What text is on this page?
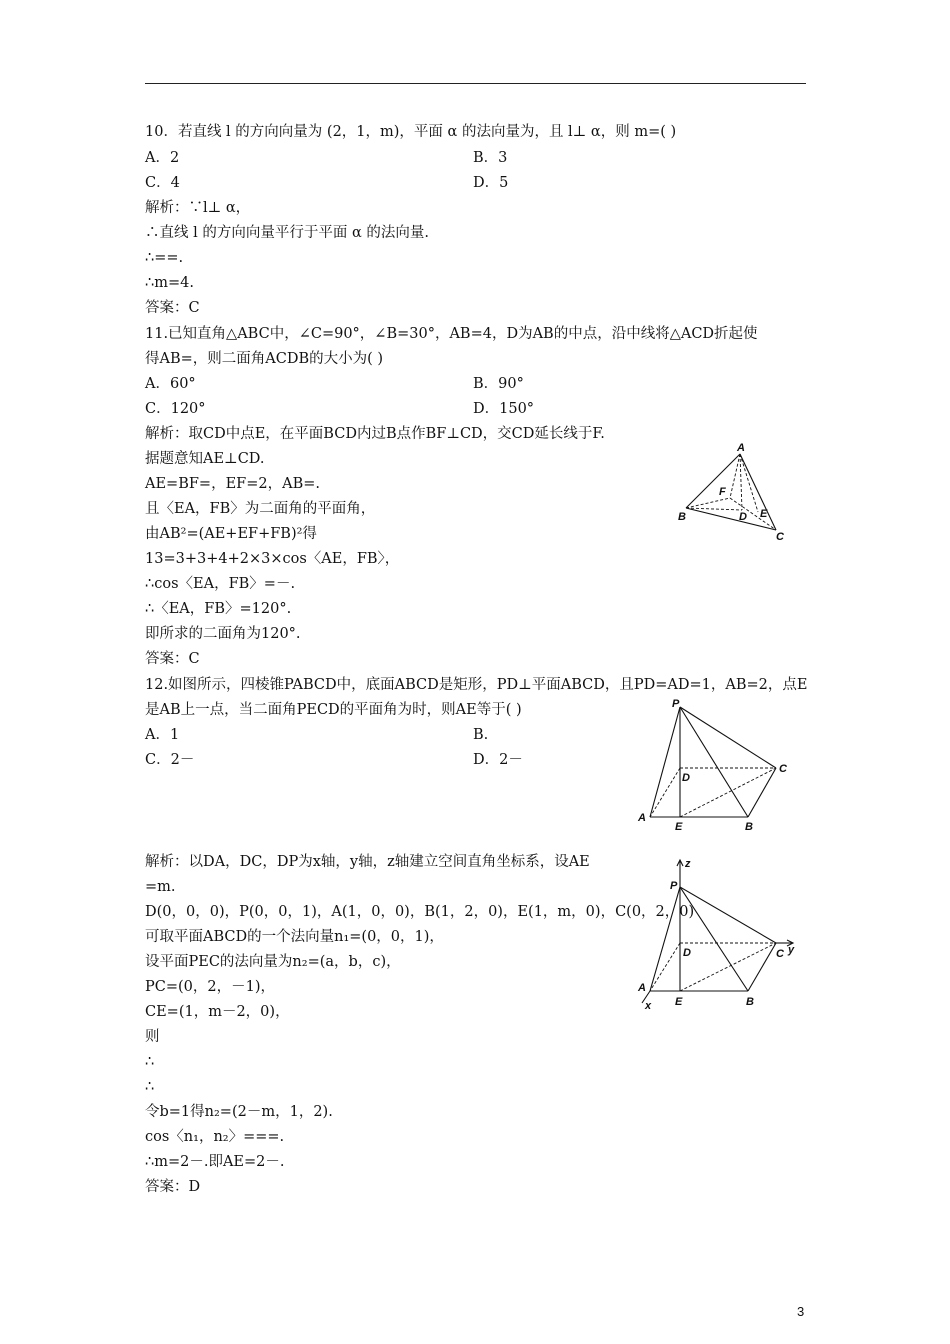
10．若直线 l 的方向向量为 (2，1，m)，平面 α 的法向量为，且 l⊥ α，则 m=( )
A．2	B．3
C．4	D．5
解析：∵l⊥ α，
∴直线 l 的方向向量平行于平面 α 的法向量.
∴==.
∴m=4.
答案：C
11.已知直角△ABC中，∠C=90°，∠B=30°，AB=4，D为AB的中点，沿中线将△ACD折起使
得AB=，则二面角ACDB的大小为( )
A．60°	B．90°
C．120°	D．150°
解析：取CD中点E，在平面BCD内过B点作BF⊥CD，交CD延长线于F.
据题意知AE⊥CD.
AE=BF=，EF=2，AB=.
且〈EA，FB〉为二面角的平面角，
由AB²=(AE+EF+FB)²得
13=3+3+4+2×3×cos〈AE，FB〉，
∴cos〈EA，FB〉=－.
∴〈EA，FB〉=120°.
即所求的二面角为120°.
答案：C
12.如图所示，四棱锥PABCD中，底面ABCD是矩形，PD⊥平面ABCD，且PD=AD=1，AB=2，点E
是AB上一点，当二面角PECD的平面角为时，则AE等于( )
A．1	B.
C．2－	D．2－
解析：以DA，DC，DP为x轴，y轴，z轴建立空间直角坐标系，设AE
=m.
D(0，0，0)，P(0，0，1)，A(1，0，0)，B(1，2，0)，E(1，m，0)，C(0，2，0)
可取平面ABCD的一个法向量n₁=(0，0，1)，
设平面PEC的法向量为n₂=(a，b，c)，
PC=(0，2，－1)，
CE=(1，m－2，0)，
则
∴
∴
令b=1得n₂=(2－m，1，2).
cos〈n₁，n₂〉===.
∴m=2－.即AE=2－.
答案：D
A
F
D E
B
C
P
D
C
A
E	B
z
P
D	C y
A
x E	B
3
